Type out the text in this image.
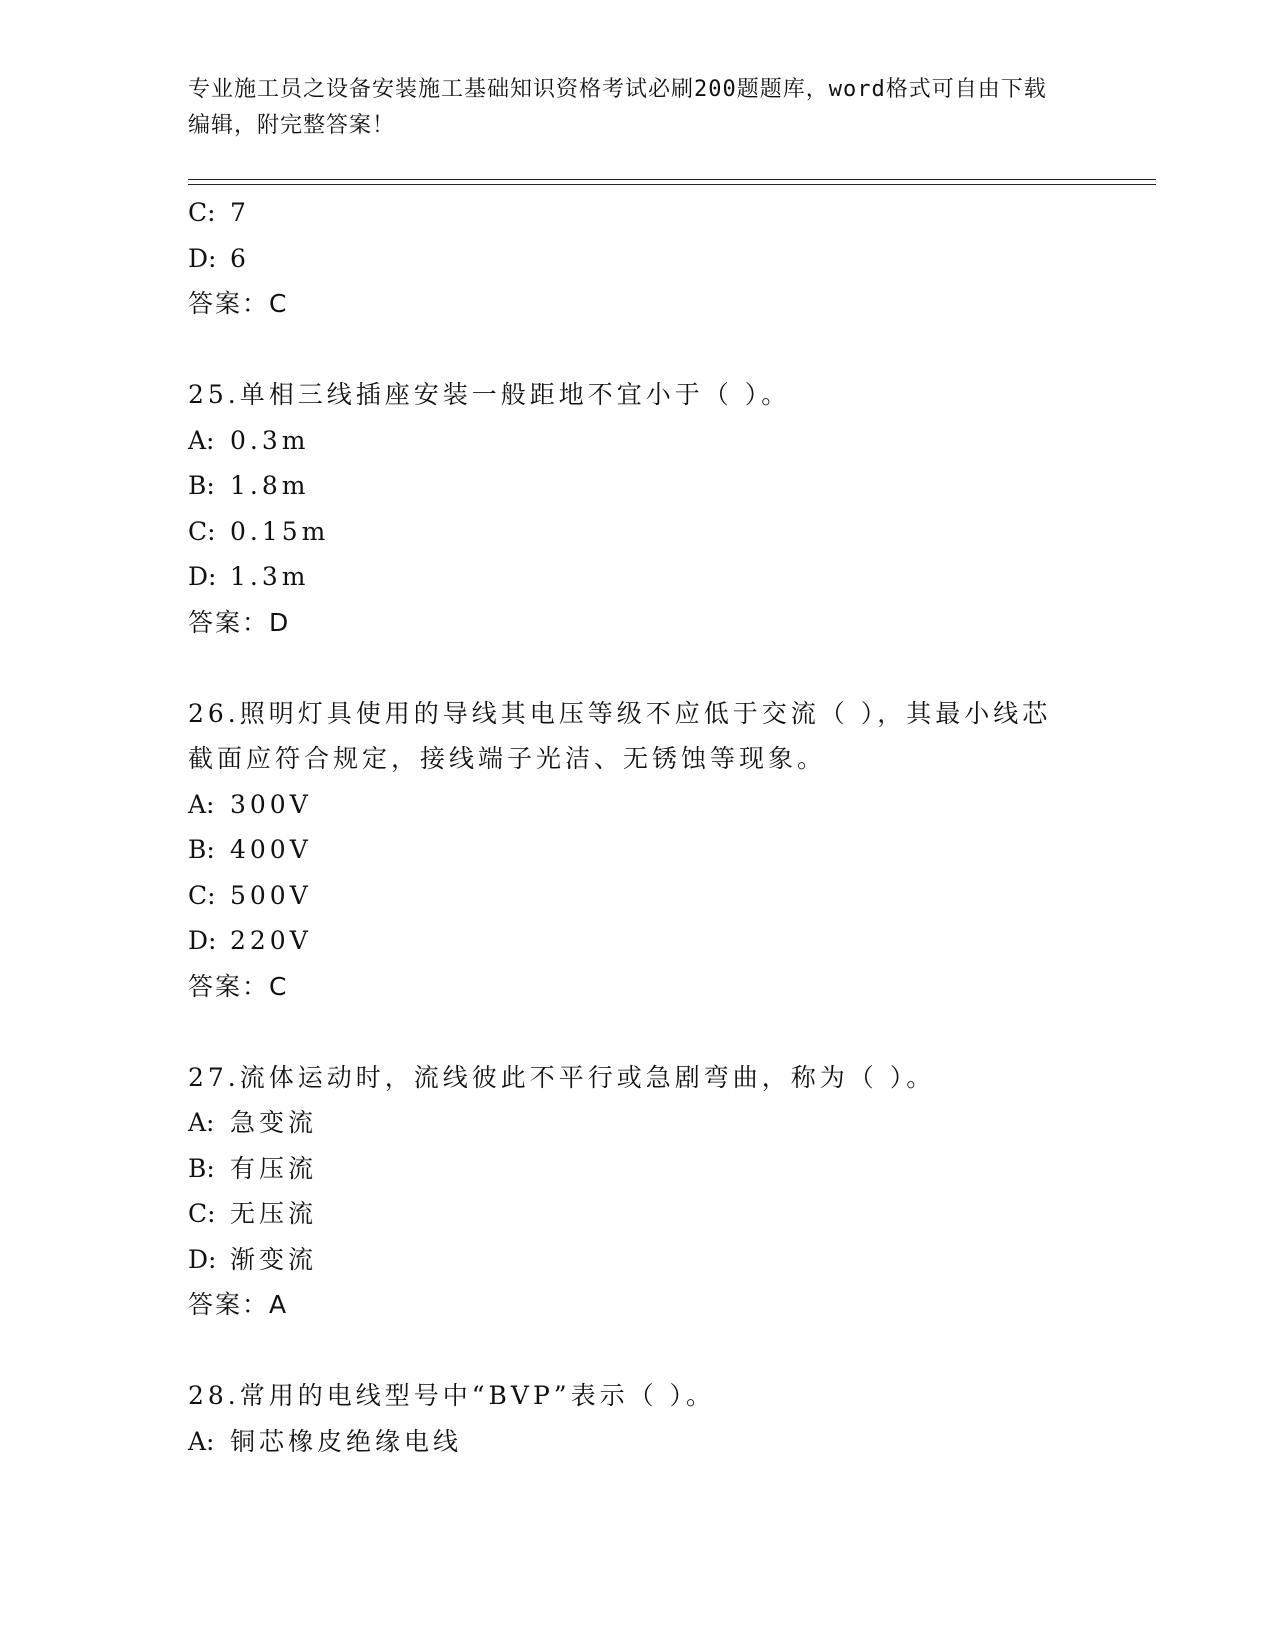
专业施工员之设备安装施工基础知识资格考试必刷200题题库，word格式可自由下载编辑，附完整答案！
C: 7
D: 6
答案：C
25.单相三线插座安装一般距地不宜小于（ ）。
A: 0.3m
B: 1.8m
C: 0.15m
D: 1.3m
答案：D
26.照明灯具使用的导线其电压等级不应低于交流（ ），其最小线芯
截面应符合规定，接线端子光洁、无锈蚀等现象。
A: 300V
B: 400V
C: 500V
D: 220V
答案：C
27.流体运动时，流线彼此不平行或急剧弯曲，称为（ ）。
A: 急变流
B: 有压流
C: 无压流
D: 渐变流
答案：A
28.常用的电线型号中“BVP”表示（ ）。
A: 铜芯橡皮绝缘电线
